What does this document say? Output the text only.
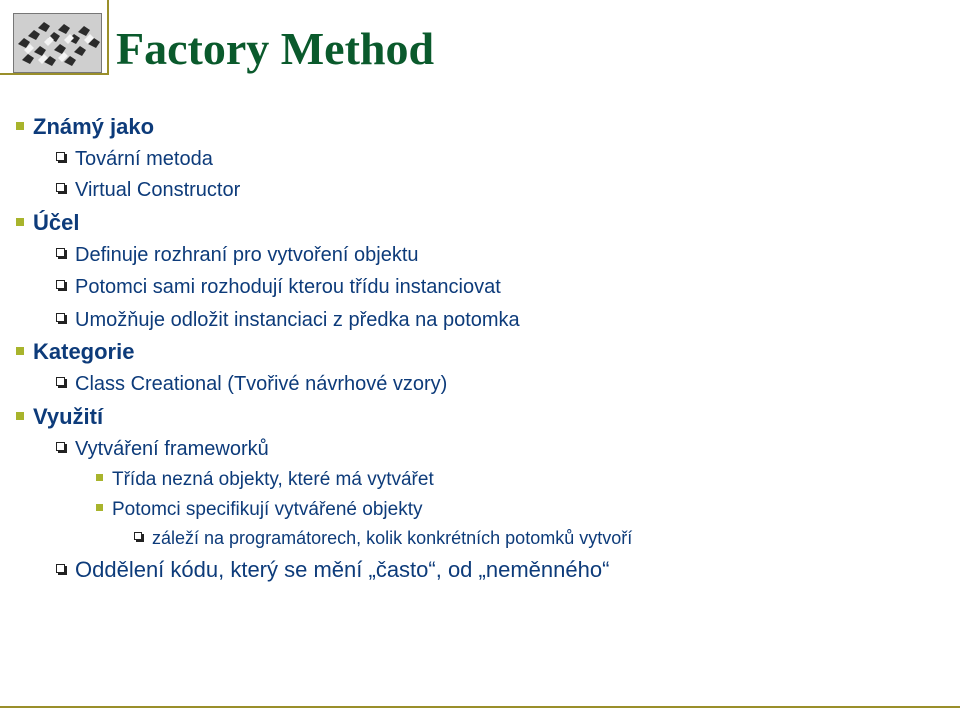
Factory Method
Známý jako
Tovární metoda
Virtual Constructor
Účel
Definuje rozhraní pro vytvoření objektu
Potomci sami rozhodují kterou třídu instanciovat
Umožňuje odložit instanciaci z předka na potomka
Kategorie
Class Creational (Tvořivé návrhové vzory)
Využití
Vytváření frameworků
Třída nezná objekty, které má vytvářet
Potomci specifikují vytvářené objekty
záleží na programátorech, kolik konkrétních potomků vytvoří
Oddělení kódu, který se mění „často“, od „neměnného“
